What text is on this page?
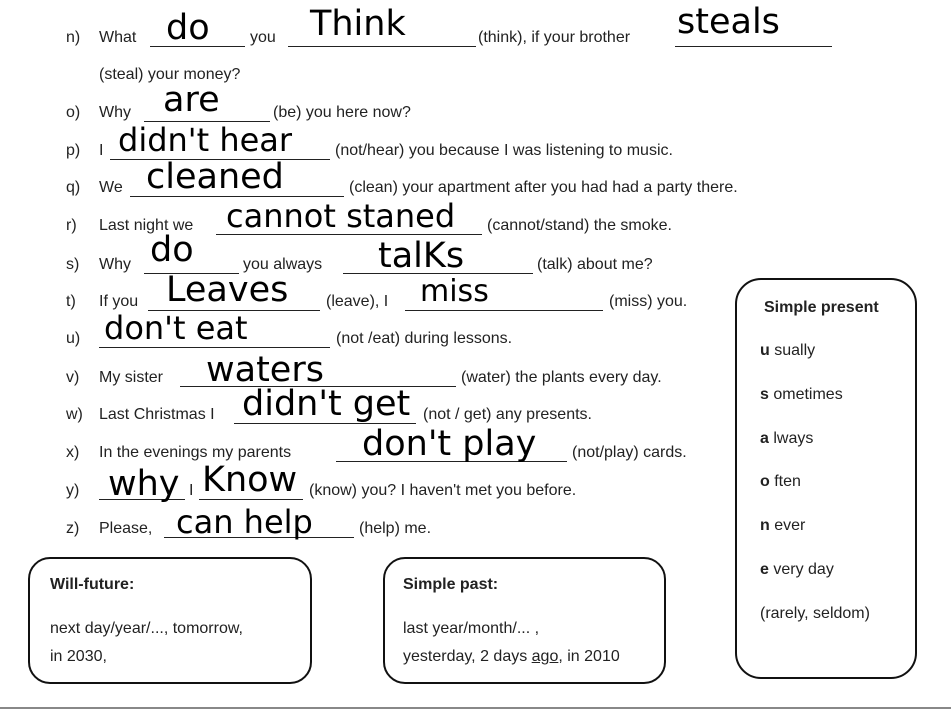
n)	What do	you Think	(think), if your brother steals
(steal) your money?
o)	Why are	(be) you here now?
p)	I didn't hear	(not/hear) you because I was listening to music.
q)	We cleaned	(clean) your apartment after you had had a party there.
r)	Last night we cannot staned (cannot/stand) the smoke.
s)	Why do	you always talKs	(talk) about me?
t)	If you Leaves (leave), I miss	(miss) you.
u) don't eat	(not /eat) during lessons.
v)	My sister waters	(water) the plants every day.
w) Last Christmas I didn't get (not / get) any presents.
x)	In the evenings my parents don't play (not/play) cards.
y) why I Know (know) you? I haven't met you before.
z)	Please, can help	(help) me.
Simple present
u sually
s ometimes
a lways
o ften
n ever
e very day
(rarely, seldom)
Will-future:
next day/year/..., tomorrow,
in 2030,
Simple past:
last year/month/... ,
yesterday, 2 days ago, in 2010
